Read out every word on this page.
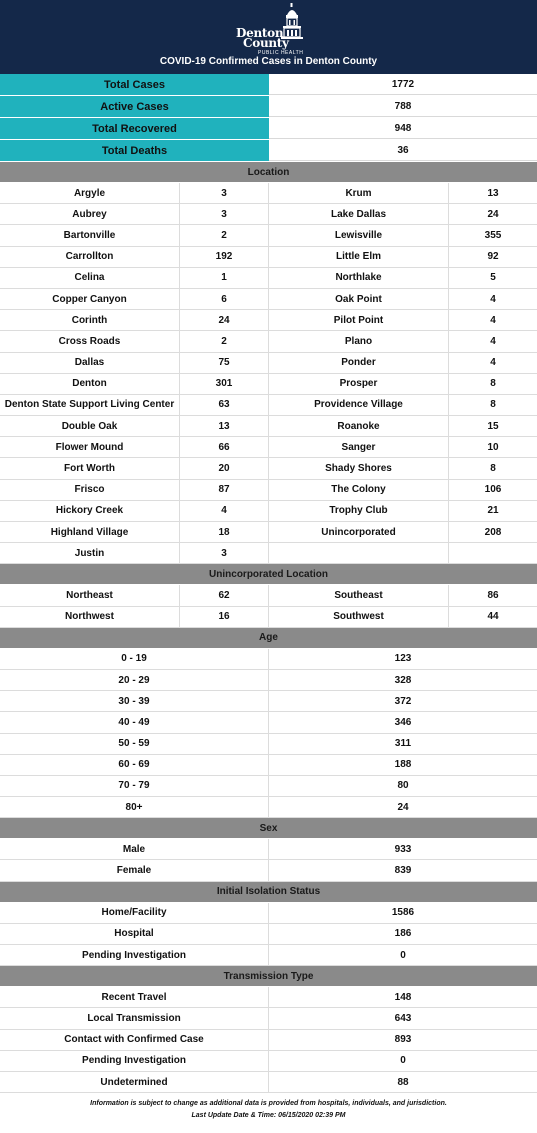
Denton
County
PUBLIC HEALTH
COVID-19 Confirmed Cases in Denton County
Total Cases	1772
Active Cases	788
Total Recovered	948
Total Deaths	36
Location
Argyle	3	Krum	13
Aubrey	3	Lake Dallas	24
Bartonville	2	Lewisville	355
Carrollton	192	Little Elm	92
Celina	1	Northlake	5
Copper Canyon	6	Oak Point	4
Corinth	24	Pilot Point	4
Cross Roads	2	Plano	4
Dallas	75	Ponder	4
Denton	301	Prosper	8
Denton State Support Living Center	63	Providence Village	8
Double Oak	13	Roanoke	15
Flower Mound	66	Sanger	10
Fort Worth	20	Shady Shores	8
Frisco	87	The Colony	106
Hickory Creek	4	Trophy Club	21
Highland Village	18	Unincorporated	208
Justin	3
Unincorporated Location
Northeast	62	Southeast	86
Northwest	16	Southwest	44
Age
0 - 19	123
20 - 29	328
30 - 39	372
40 - 49	346
50 - 59	311
60 - 69	188
70 - 79	80
80+	24
Sex
Male	933
Female	839
Initial Isolation Status
Home/Facility	1586
Hospital	186
Pending Investigation	0
Transmission Type
Recent Travel	148
Local Transmission	643
Contact with Confirmed Case	893
Pending Investigation	0
Undetermined	88
Information is subject to change as additional data is provided from hospitals, individuals, and jurisdiction.
Last Update Date & Time: 06/15/2020 02:39 PM
